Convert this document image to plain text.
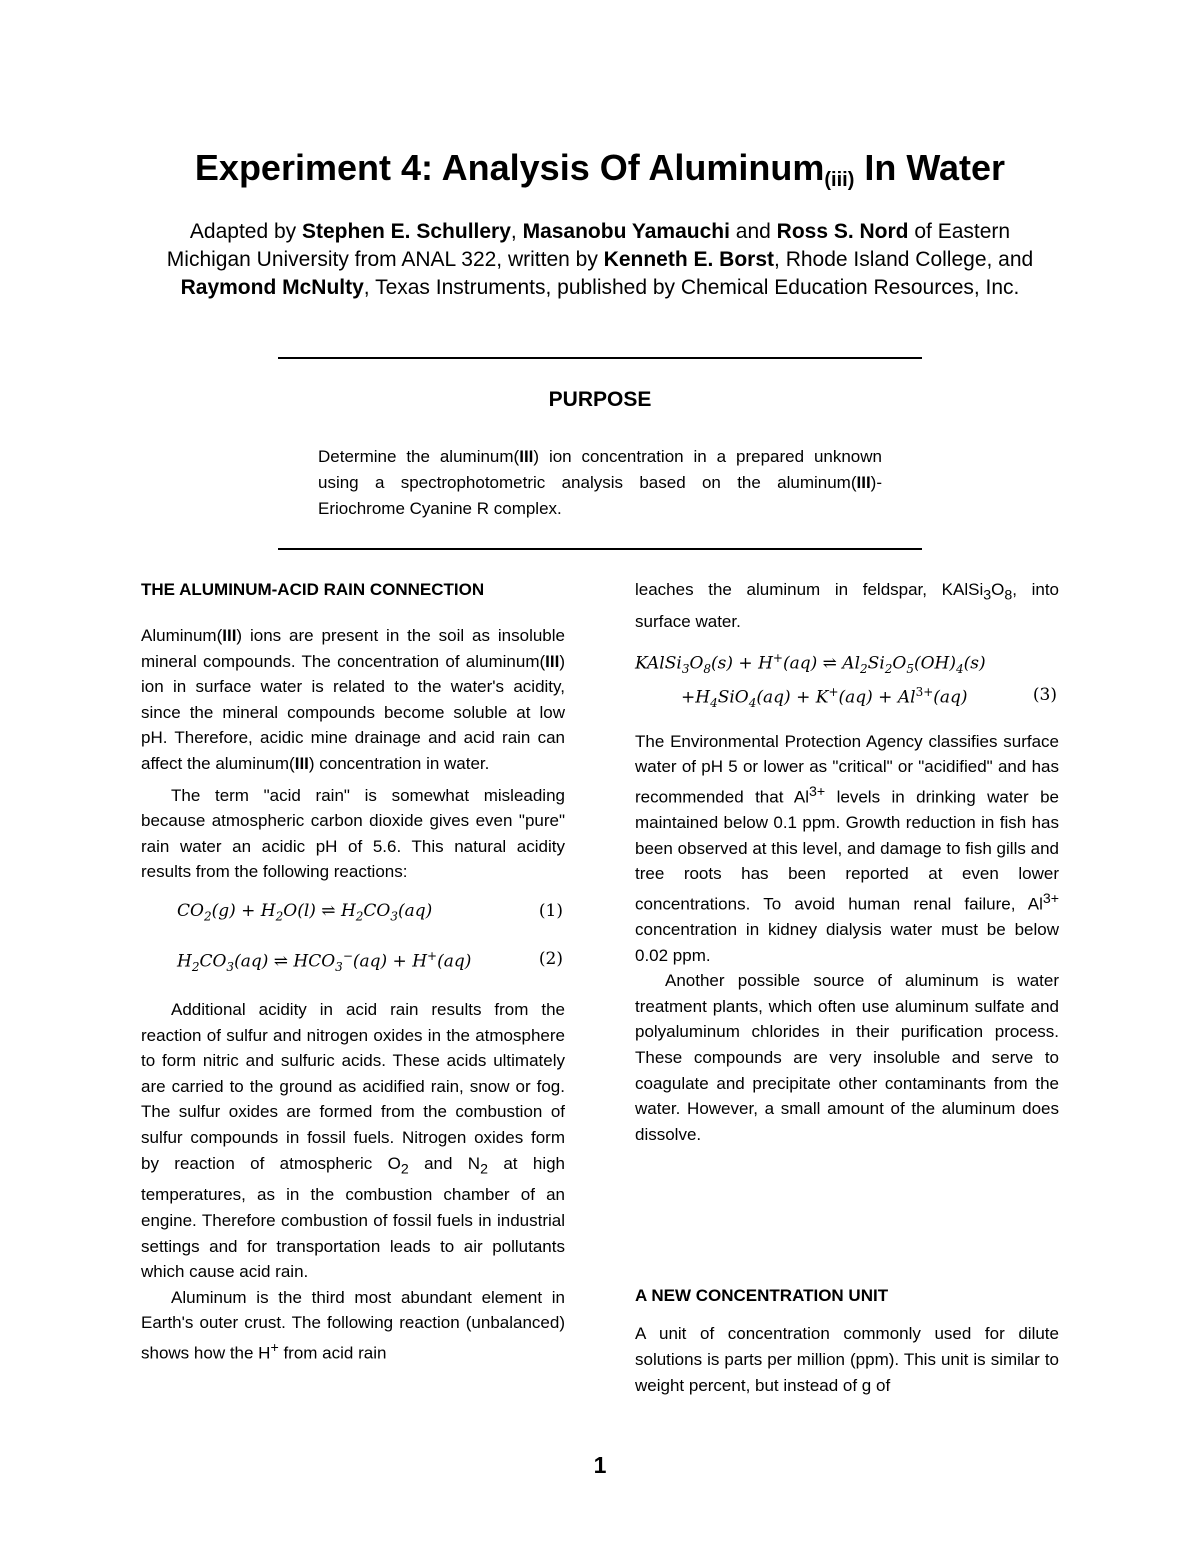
Experiment 4: Analysis Of Aluminum$_{(iii)}$ In Water
Adapted by Stephen E. Schullery, Masanobu Yamauchi and Ross S. Nord of Eastern Michigan University from ANAL 322, written by Kenneth E. Borst, Rhode Island College, and Raymond McNulty, Texas Instruments, published by Chemical Education Resources, Inc.
PURPOSE
Determine the aluminum(III) ion concentration in a prepared unknown using a spectrophotometric analysis based on the aluminum(III)-Eriochrome Cyanine R complex.
THE ALUMINUM-ACID RAIN CONNECTION

Aluminum(III) ions are present in the soil as insoluble mineral compounds. The concentration of aluminum(III) ion in surface water is related to the water's acidity, since the mineral compounds become soluble at low pH. Therefore, acidic mine drainage and acid rain can affect the aluminum(III) concentration in water.

The term "acid rain" is somewhat misleading because atmospheric carbon dioxide gives even "pure" rain water an acidic pH of 5.6. This natural acidity results from the following reactions:

$CO_2(g) + H_2O(l)$ ⇌ $H_2CO_3(aq)$	(1)
$H_2CO_3(aq)$ ⇌ $HCO_3^-(aq) + H^+(aq)$	(2)

Additional acidity in acid rain results from the reaction of sulfur and nitrogen oxides in the atmosphere to form nitric and sulfuric acids. These acids ultimately are carried to the ground as acidified rain, snow or fog. The sulfur oxides are formed from the combustion of sulfur compounds in fossil fuels. Nitrogen oxides form by reaction of atmospheric $O_2$ and $N_2$ at high temperatures, as in the combustion chamber of an engine. Therefore combustion of fossil fuels in industrial settings and for transportation leads to air pollutants which cause acid rain.

Aluminum is the third most abundant element in Earth's outer crust. The following reaction (unbalanced) shows how the H+ from acid rain

leaches the aluminum in feldspar, $KAlSi_3O_8$, into surface water.

$KAlSi_3O_8(s) + H^+(aq)$ ⇌ $Al_2Si_2O_5(OH)_4(s)$
$+H_4SiO_4(aq) + K^+(aq) + Al^{3+}(aq)$	(3)

The Environmental Protection Agency classifies surface water of pH 5 or lower as "critical" or "acidified" and has recommended that $Al^{3+}$ levels in drinking water be maintained below 0.1 ppm. Growth reduction in fish has been observed at this level, and damage to fish gills and tree roots has been reported at even lower concentrations. To avoid human renal failure, $Al^{3+}$ concentration in kidney dialysis water must be below 0.02 ppm.

Another possible source of aluminum is water treatment plants, which often use aluminum sulfate and polyaluminum chlorides in their purification process. These compounds are very insoluble and serve to coagulate and precipitate other contaminants from the water. However, a small amount of the aluminum does dissolve.

A NEW CONCENTRATION UNIT

A unit of concentration commonly used for dilute solutions is parts per million (ppm). This unit is similar to weight percent, but instead of g of

1
